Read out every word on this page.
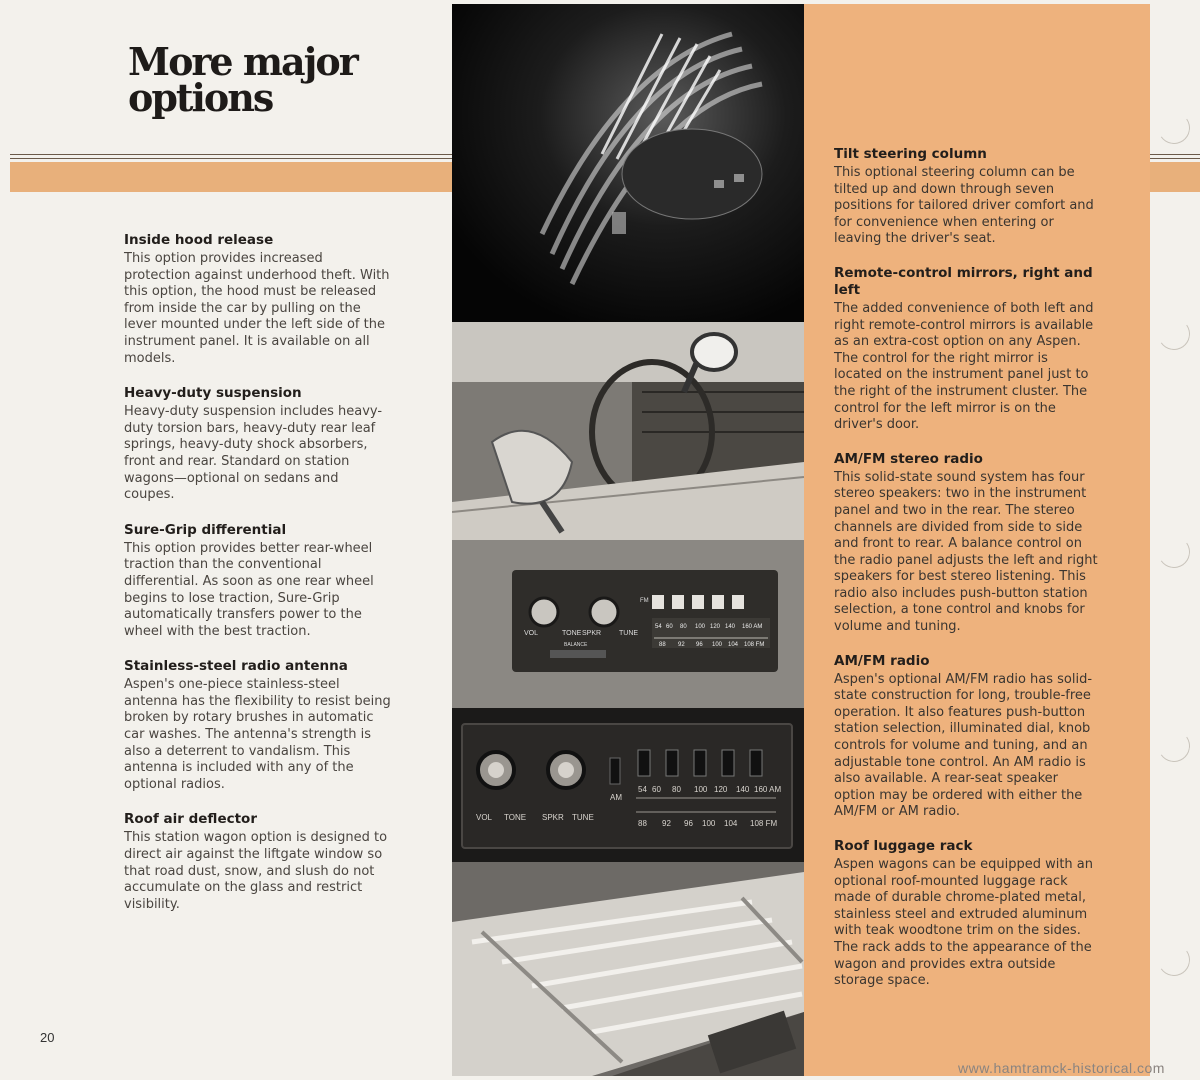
More major
options
Inside hood release

This option provides increased protection against underhood theft. With this option, the hood must be released from inside the car by pulling on the lever mounted under the left side of the instrument panel. It is available on all models.

Heavy-duty suspension

Heavy-duty suspension includes heavy-duty torsion bars, heavy-duty rear leaf springs, heavy-duty shock absorbers, front and rear. Standard on station wagons—optional on sedans and coupes.

Sure-Grip differential

This option provides better rear-wheel traction than the conventional differential. As soon as one rear wheel begins to lose traction, Sure-Grip automatically transfers power to the wheel with the best traction.

Stainless-steel radio antenna

Aspen's one-piece stainless-steel antenna has the flexibility to resist being broken by rotary brushes in automatic car washes. The antenna's strength is also a deterrent to vandalism. This antenna is included with any of the optional radios.

Roof air deflector

This station wagon option is designed to direct air against the liftgate window so that road dust, snow, and slush do not accumulate on the glass and restrict visibility.

20
VOL	TONE SPKR	TUNE
BALANCE
FM
54 60 80 100 120 140 160 AM
88 92 96 100 104 108 FM
VOL TONE SPKR TUNE
AM
54 60 80 100 120 140 160 AM
88 92 96 100 104 108 FM
Tilt steering column

This optional steering column can be tilted up and down through seven positions for tailored driver comfort and for convenience when entering or leaving the driver's seat.

Remote-control mirrors, right and left

The added convenience of both left and right remote-control mirrors is available as an extra-cost option on any Aspen. The control for the right mirror is located on the instrument panel just to the right of the instrument cluster. The control for the left mirror is on the driver's door.

AM/FM stereo radio

This solid-state sound system has four stereo speakers: two in the instrument panel and two in the rear. The stereo channels are divided from side to side and front to rear. A balance control on the radio panel adjusts the left and right speakers for best stereo listening. This radio also includes push-button station selection, a tone control and knobs for volume and tuning.

AM/FM radio

Aspen's optional AM/FM radio has solid-state construction for long, trouble-free operation. It also features push-button station selection, illuminated dial, knob controls for volume and tuning, and an adjustable tone control. An AM radio is also available. A rear-seat speaker option may be ordered with either the AM/FM or AM radio.

Roof luggage rack

Aspen wagons can be equipped with an optional roof-mounted luggage rack made of durable chrome-plated metal, stainless steel and extruded aluminum with teak woodtone trim on the sides. The rack adds to the appearance of the wagon and provides extra outside storage space.

www.hamtramck-historical.com
